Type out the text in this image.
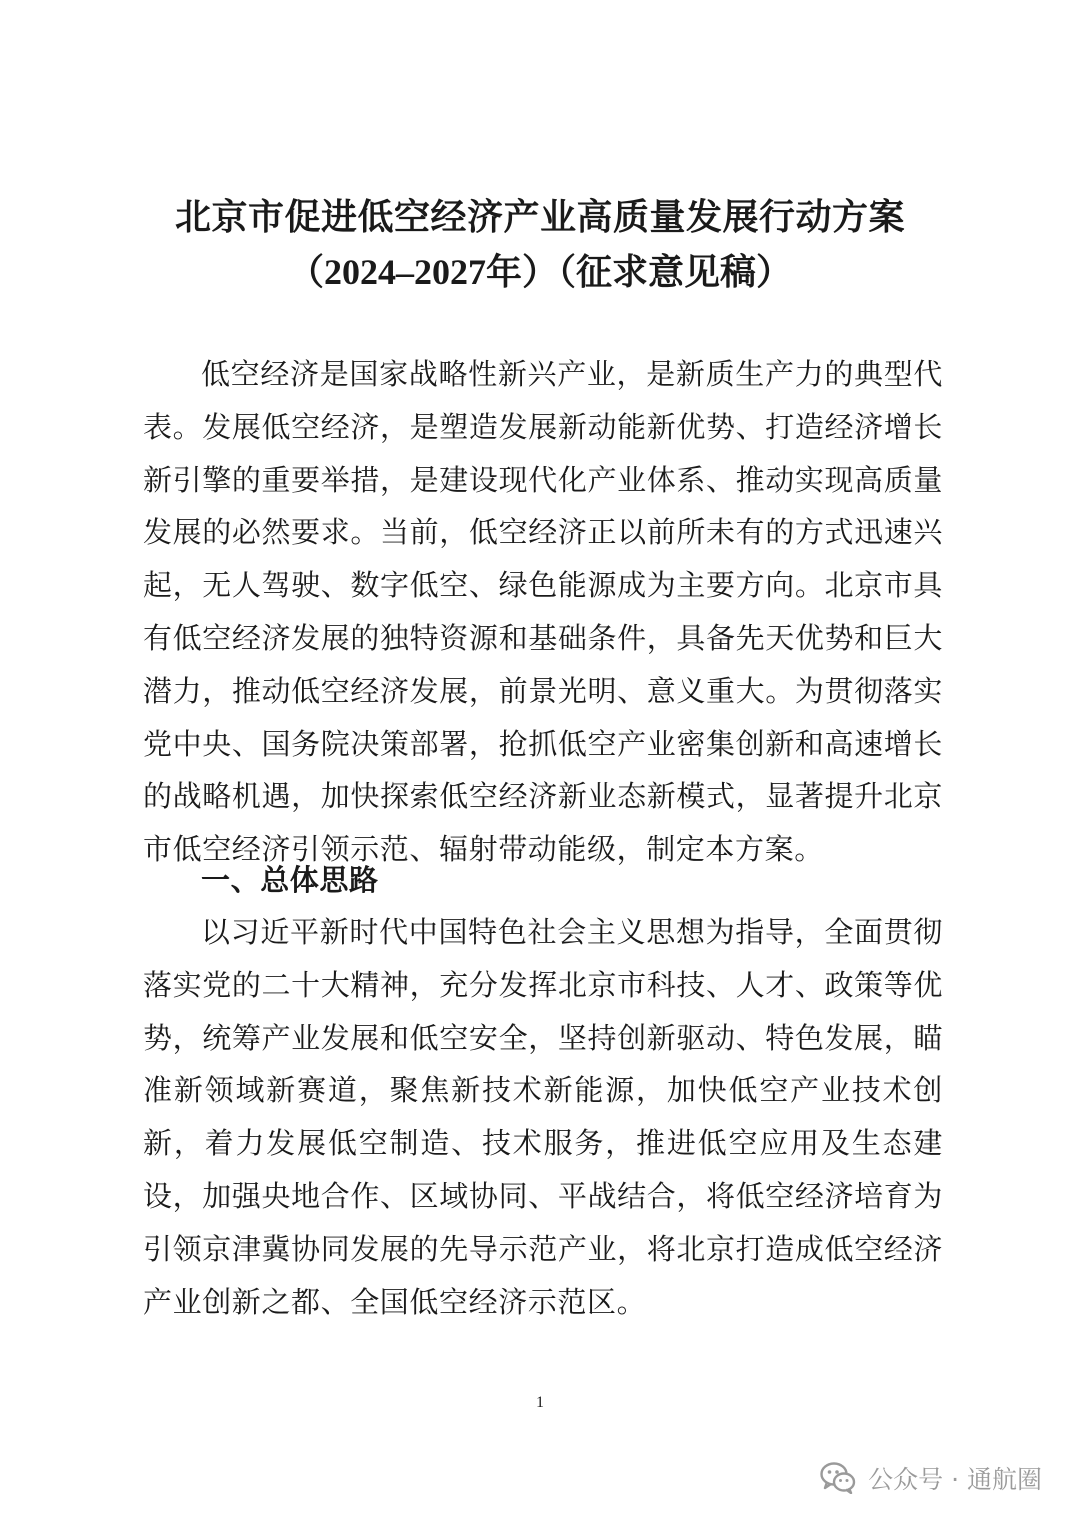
北京市促进低空经济产业高质量发展行动方案
（2024–2027年）（征求意见稿）

低空经济是国家战略性新兴产业，是新质生产力的典型代表。发展低空经济，是塑造发展新动能新优势、打造经济增长新引擎的重要举措，是建设现代化产业体系、推动实现高质量发展的必然要求。当前，低空经济正以前所未有的方式迅速兴起，无人驾驶、数字低空、绿色能源成为主要方向。北京市具有低空经济发展的独特资源和基础条件，具备先天优势和巨大潜力，推动低空经济发展，前景光明、意义重大。为贯彻落实党中央、国务院决策部署，抢抓低空产业密集创新和高速增长的战略机遇，加快探索低空经济新业态新模式，显著提升北京市低空经济引领示范、辐射带动能级，制定本方案。

一、总体思路

以习近平新时代中国特色社会主义思想为指导，全面贯彻落实党的二十大精神，充分发挥北京市科技、人才、政策等优势，统筹产业发展和低空安全，坚持创新驱动、特色发展，瞄准新领域新赛道，聚焦新技术新能源，加快低空产业技术创新，着力发展低空制造、技术服务，推进低空应用及生态建设，加强央地合作、区域协同、平战结合，将低空经济培育为引领京津冀协同发展的先导示范产业，将北京打造成低空经济产业创新之都、全国低空经济示范区。

1
公众号 · 通航圈
